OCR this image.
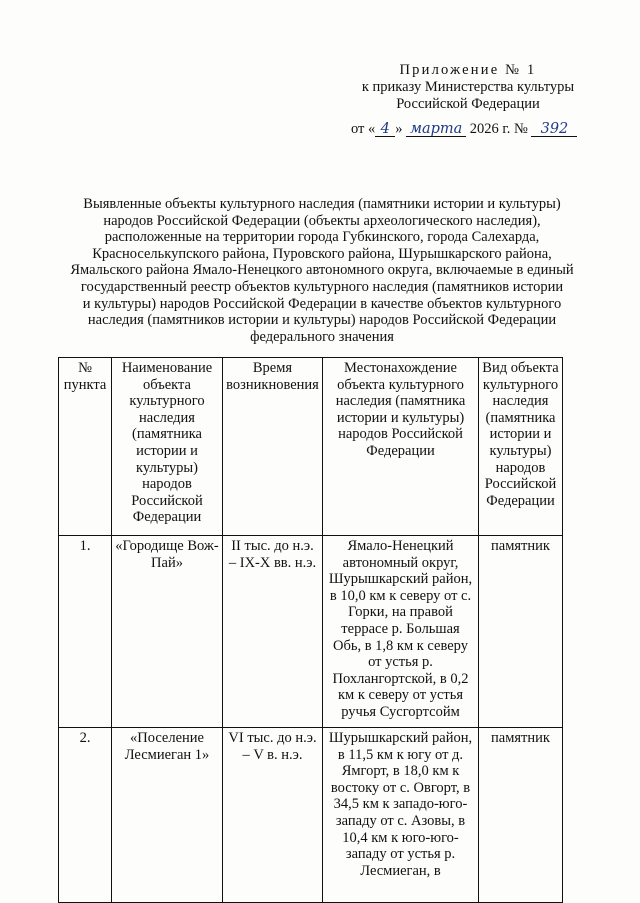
Приложение № 1
к приказу Министерства культуры
Российской Федерации
от « 4 » марта 2026 г. № 392
Выявленные объекты культурного наследия (памятники истории и культуры)
народов Российской Федерации (объекты археологического наследия),
расположенные на территории города Губкинского, города Салехарда,
Красноселькупского района, Пуровского района, Шурышкарского района,
Ямальского района Ямало-Ненецкого автономного округа, включаемые в единый
государственный реестр объектов культурного наследия (памятников истории
и культуры) народов Российской Федерации в качестве объектов культурного
наследия (памятников истории и культуры) народов Российской Федерации
федерального значения
№ пункта	Наименование объекта культурного наследия (памятника истории и культуры) народов Российской Федерации	Время возникновения	Местонахождение объекта культурного наследия (памятника истории и культуры) народов Российской Федерации	Вид объекта культурного наследия (памятника истории и культуры) народов Российской Федерации
1.	«Городище Вож-Пай»	II тыс. до н.э. – IX-X вв. н.э.	Ямало-Ненецкий автономный округ, Шурышкарский район, в 10,0 км к северу от с. Горки, на правой террасе р. Большая Обь, в 1,8 км к северу от устья р. Похлангортской, в 0,2 км к северу от устья ручья Сусгортсойм	памятник
2.	«Поселение Лесмиеган 1»	VI тыс. до н.э. – V в. н.э.	Шурышкарский район, в 11,5 км к югу от д. Ямгорт, в 18,0 км к востоку от с. Овгорт, в 34,5 км к западо-юго-западу от с. Азовы, в 10,4 км к юго-юго-западу от устья р. Лесмиеган, в	памятник
